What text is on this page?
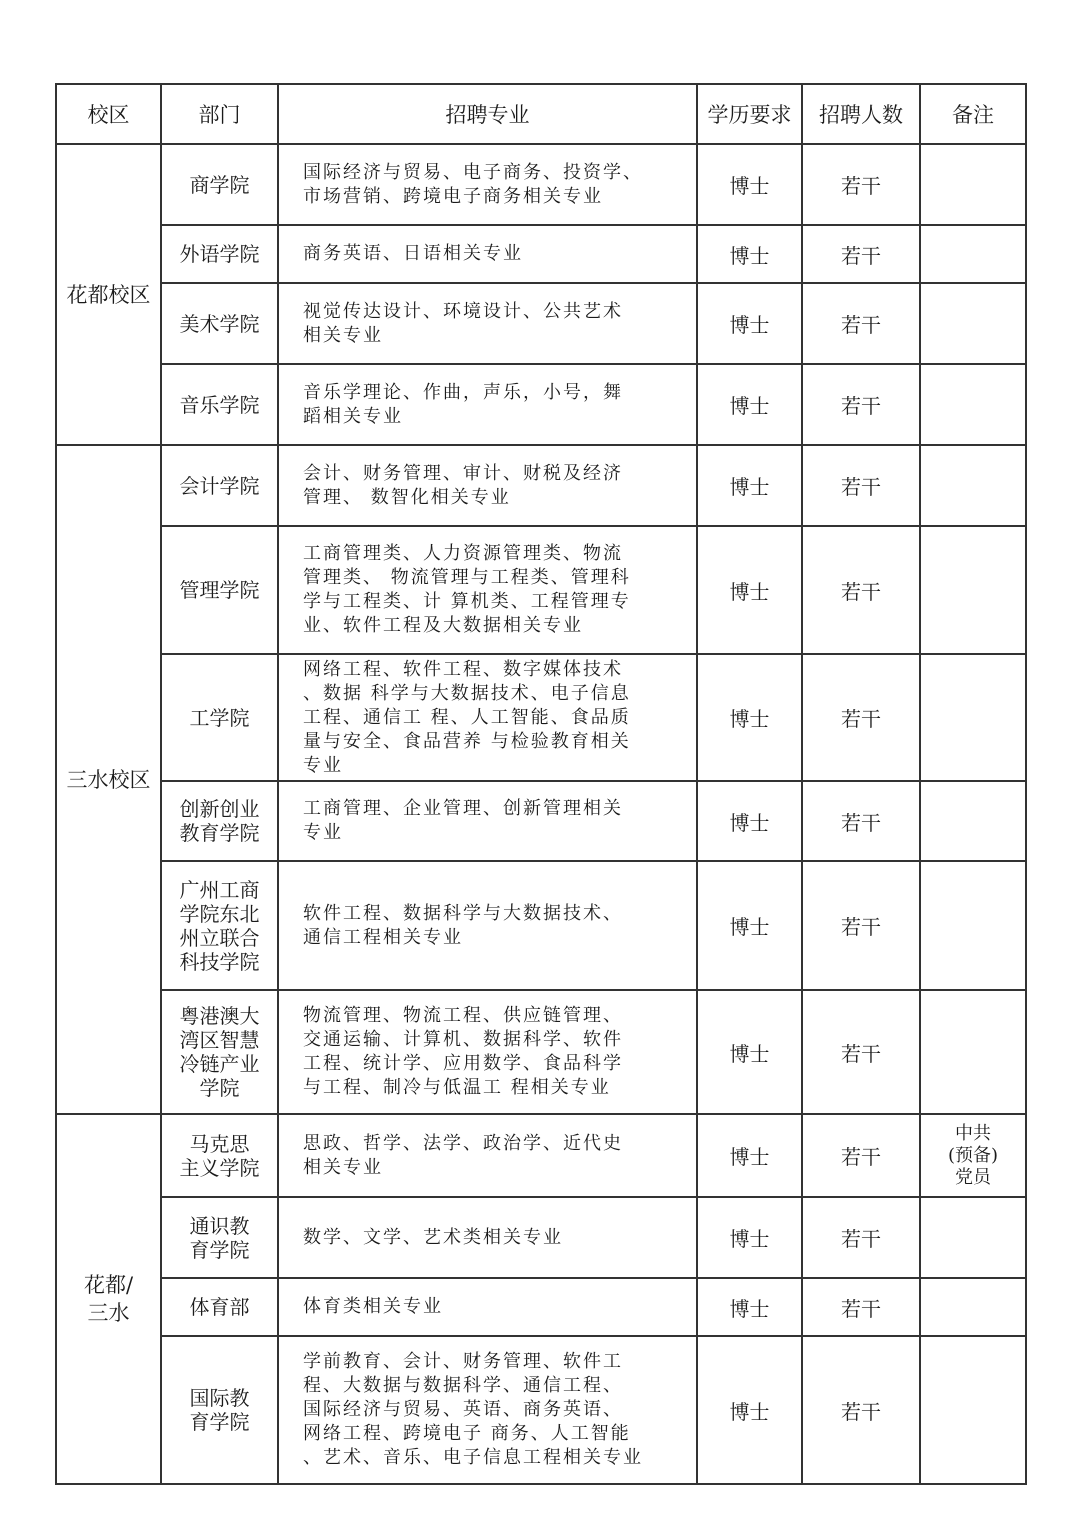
校区	部门	招聘专业	学历要求	招聘人数	备注

花都校区	商学院	国际经济与贸易、电子商务、投资学、
市场营销、跨境电子商务相关专业	博士	若干	

	外语学院	商务英语、日语相关专业	博士	若干	

	美术学院	视觉传达设计、环境设计、公共艺术
相关专业	博士	若干	

	音乐学院	音乐学理论、作曲，声乐，小号，舞
蹈相关专业	博士	若干	

三水校区	会计学院	会计、财务管理、审计、财税及经济
管理、 数智化相关专业	博士	若干	

	管理学院	工商管理类、人力资源管理类、物流
管理类、 物流管理与工程类、管理科
学与工程类、计 算机类、工程管理专
业、软件工程及大数据相关专业	博士	若干	

	工学院	网络工程、软件工程、数字媒体技术
、数据 科学与大数据技术、电子信息
工程、通信工 程、人工智能、食品质
量与安全、食品营养 与检验教育相关
专业	博士	若干	

	创新创业
教育学院	工商管理、企业管理、创新管理相关
专业	博士	若干	

	广州工商
学院东北
州立联合
科技学院	软件工程、数据科学与大数据技术、
通信工程相关专业	博士	若干	

	粤港澳大
湾区智慧
冷链产业
学院	物流管理、物流工程、供应链管理、
交通运输、计算机、数据科学、软件
工程、统计学、应用数学、食品科学
与工程、制冷与低温工 程相关专业	博士	若干	

花都/
三水	马克思
主义学院	思政、哲学、法学、政治学、近代史
相关专业	博士	若干	中共
(预备)
党员

	通识教
育学院	数学、文学、艺术类相关专业	博士	若干	

	体育部	体育类相关专业	博士	若干	

	国际教
育学院	学前教育、会计、财务管理、软件工
程、大数据与数据科学、通信工程、
国际经济与贸易、英语、商务英语、
网络工程、跨境电子 商务、人工智能
、艺术、音乐、电子信息工程相关专业	博士	若干	
